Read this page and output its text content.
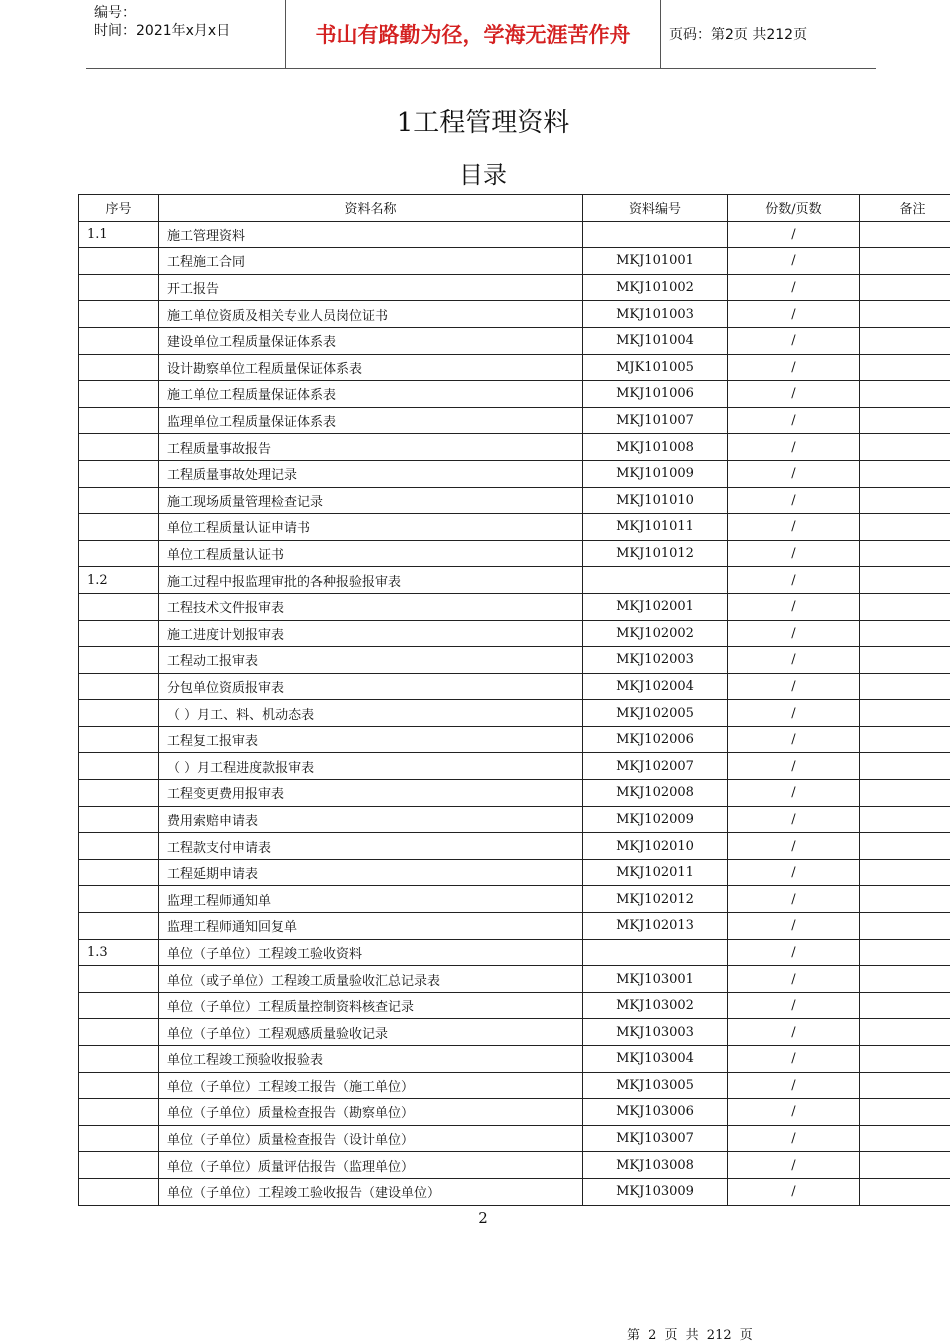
编号：
时间：2021年x月x日	书山有路勤为径，学海无涯苦作舟	页码：第2页 共212页
1工程管理资料
目录
序号	资料名称	资料编号	份数/页数	备注
1.1	施工管理资料		/	
	工程施工合同	MKJ101001	/	
	开工报告	MKJ101002	/	
	施工单位资质及相关专业人员岗位证书	MKJ101003	/	
	建设单位工程质量保证体系表	MKJ101004	/	
	设计勘察单位工程质量保证体系表	MJK101005	/	
	施工单位工程质量保证体系表	MKJ101006	/	
	监理单位工程质量保证体系表	MKJ101007	/	
	工程质量事故报告	MKJ101008	/	
	工程质量事故处理记录	MKJ101009	/	
	施工现场质量管理检查记录	MKJ101010	/	
	单位工程质量认证申请书	MKJ101011	/	
	单位工程质量认证书	MKJ101012	/	
1.2	施工过程中报监理审批的各种报验报审表		/	
	工程技术文件报审表	MKJ102001	/	
	施工进度计划报审表	MKJ102002	/	
	工程动工报审表	MKJ102003	/	
	分包单位资质报审表	MKJ102004	/	
	（ ）月工、料、机动态表	MKJ102005	/	
	工程复工报审表	MKJ102006	/	
	（ ）月工程进度款报审表	MKJ102007	/	
	工程变更费用报审表	MKJ102008	/	
	费用索赔申请表	MKJ102009	/	
	工程款支付申请表	MKJ102010	/	
	工程延期申请表	MKJ102011	/	
	监理工程师通知单	MKJ102012	/	
	监理工程师通知回复单	MKJ102013	/	
1.3	单位（子单位）工程竣工验收资料		/	
	单位（或子单位）工程竣工质量验收汇总记录表	MKJ103001	/	
	单位（子单位）工程质量控制资料核查记录	MKJ103002	/	
	单位（子单位）工程观感质量验收记录	MKJ103003	/	
	单位工程竣工预验收报验表	MKJ103004	/	
	单位（子单位）工程竣工报告（施工单位）	MKJ103005	/	
	单位（子单位）质量检查报告（勘察单位）	MKJ103006	/	
	单位（子单位）质量检查报告（设计单位）	MKJ103007	/	
	单位（子单位）质量评估报告（监理单位）	MKJ103008	/	
	单位（子单位）工程竣工验收报告（建设单位）	MKJ103009	/	
2
第 2 页 共 212 页
